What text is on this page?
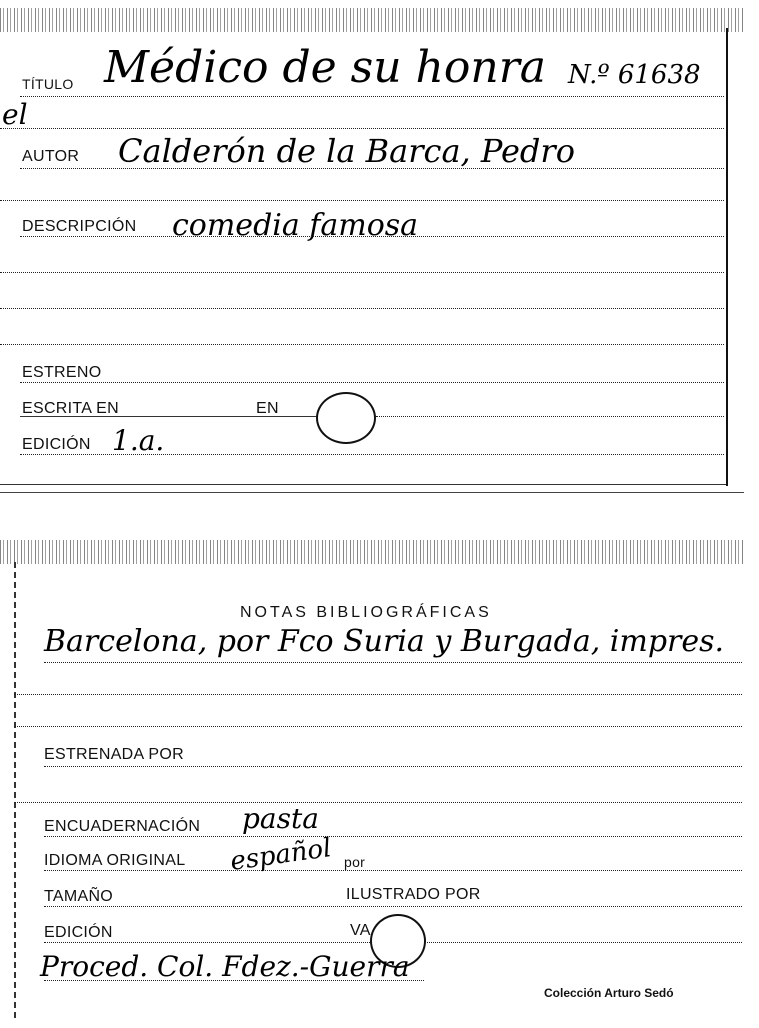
TÍTULO Médico de su honra N.º 61638
el
AUTOR Calderón de la Barca, Pedro
DESCRIPCIÓN comedia famosa
ESTRENO
ESCRITA EN	EN
EDICIÓN 1.a.
NOTAS BIBLIOGRÁFICAS
Barcelona, por Fco Suria y Burgada, impres.
ESTRENADA POR
ENCUADERNACIÓN pasta
IDIOMA ORIGINAL español por
TAMAÑO	ILUSTRADO POR
EDICIÓN	VA
Proced. Col. Fdez.-Guerra
Colección Arturo Sedó
